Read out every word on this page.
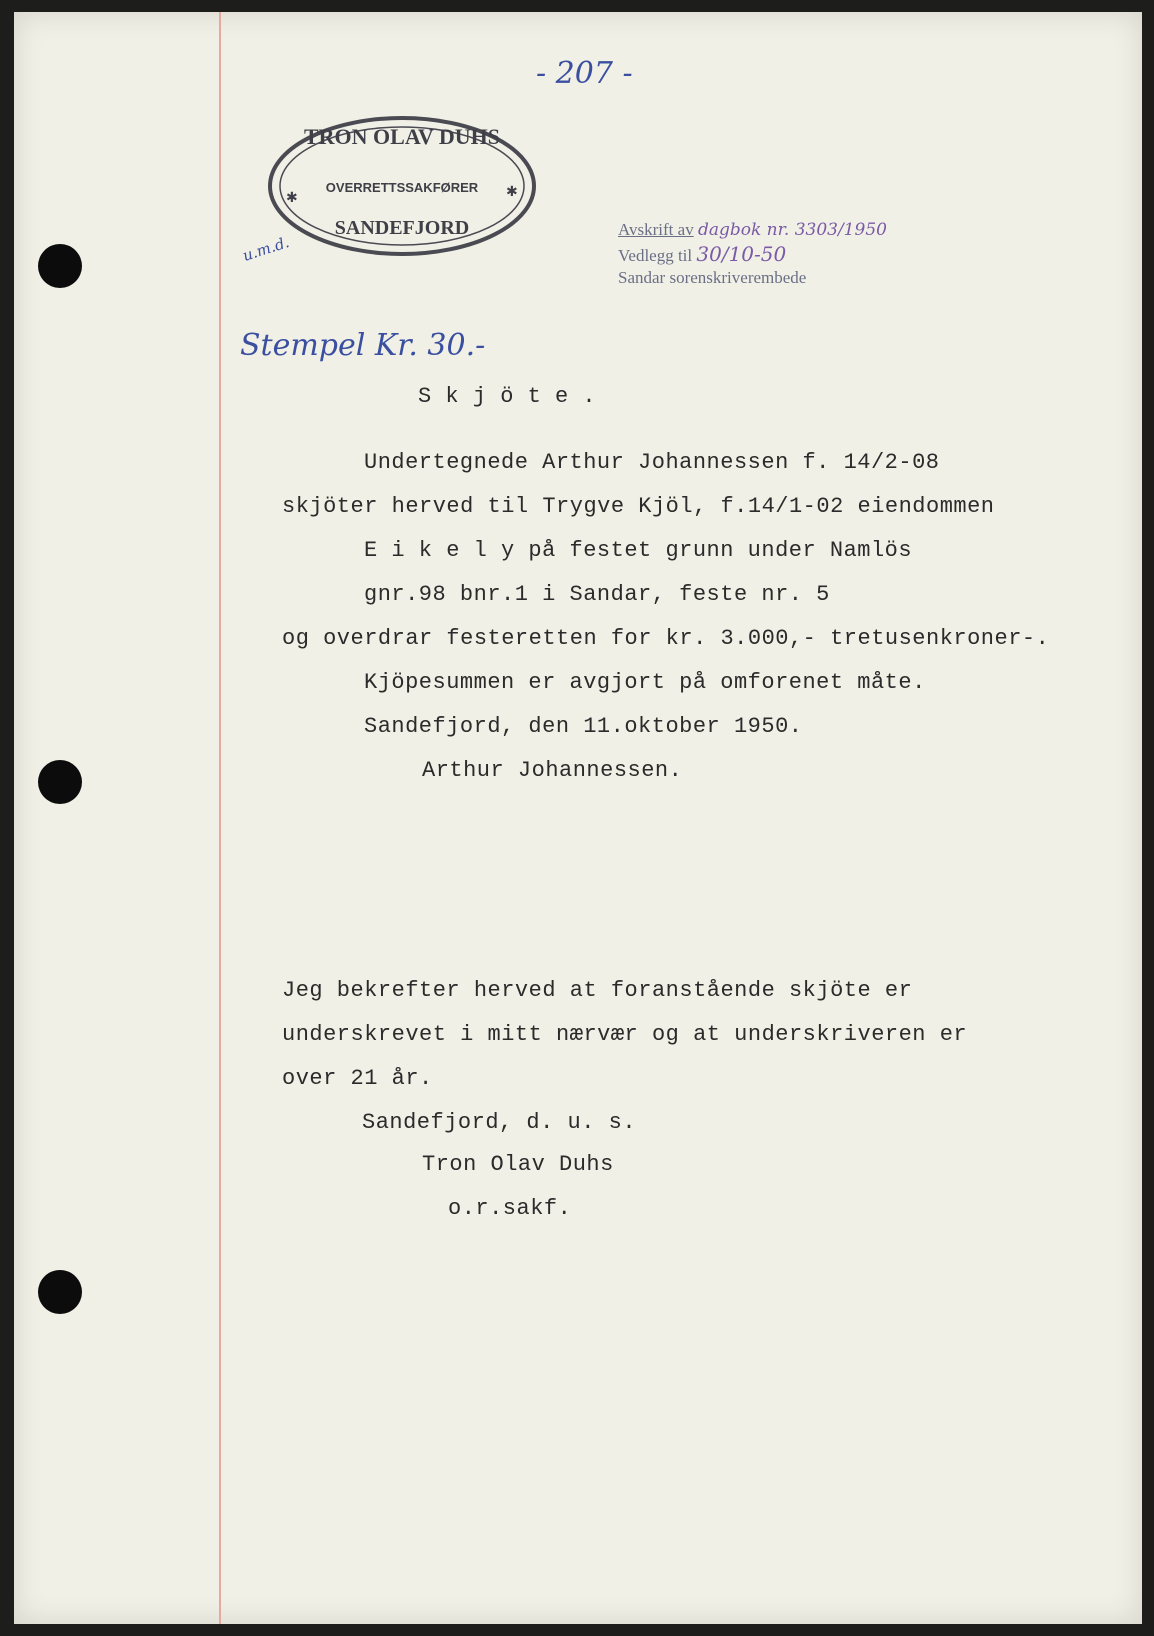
- 207 -
TRON OLAV DUHS
OVERRETTSSAKFØRER
SANDEFJORD
✱	✱
u.m.d.
Avskrift av dagbok nr. 3303/1950
Vedlegg til 30/10-50
Sandar sorenskriverembede
Stempel Kr. 30.-
S k j ö t e .
Undertegnede Arthur Johannessen f. 14/2-08
skjöter herved til Trygve Kjöl, f.14/1-02 eiendommen
E i k e l y på festet grunn under Namlös
gnr.98 bnr.1 i Sandar, feste nr. 5
og overdrar festeretten for kr. 3.000,- tretusenkroner-.
Kjöpesummen er avgjort på omforenet måte.
Sandefjord, den 11.oktober 1950.
Arthur Johannessen.
Jeg bekrefter herved at foranstående skjöte er
underskrevet i mitt nærvær og at underskriveren er
over 21 år.
Sandefjord, d. u. s.
Tron Olav Duhs
o.r.sakf.
